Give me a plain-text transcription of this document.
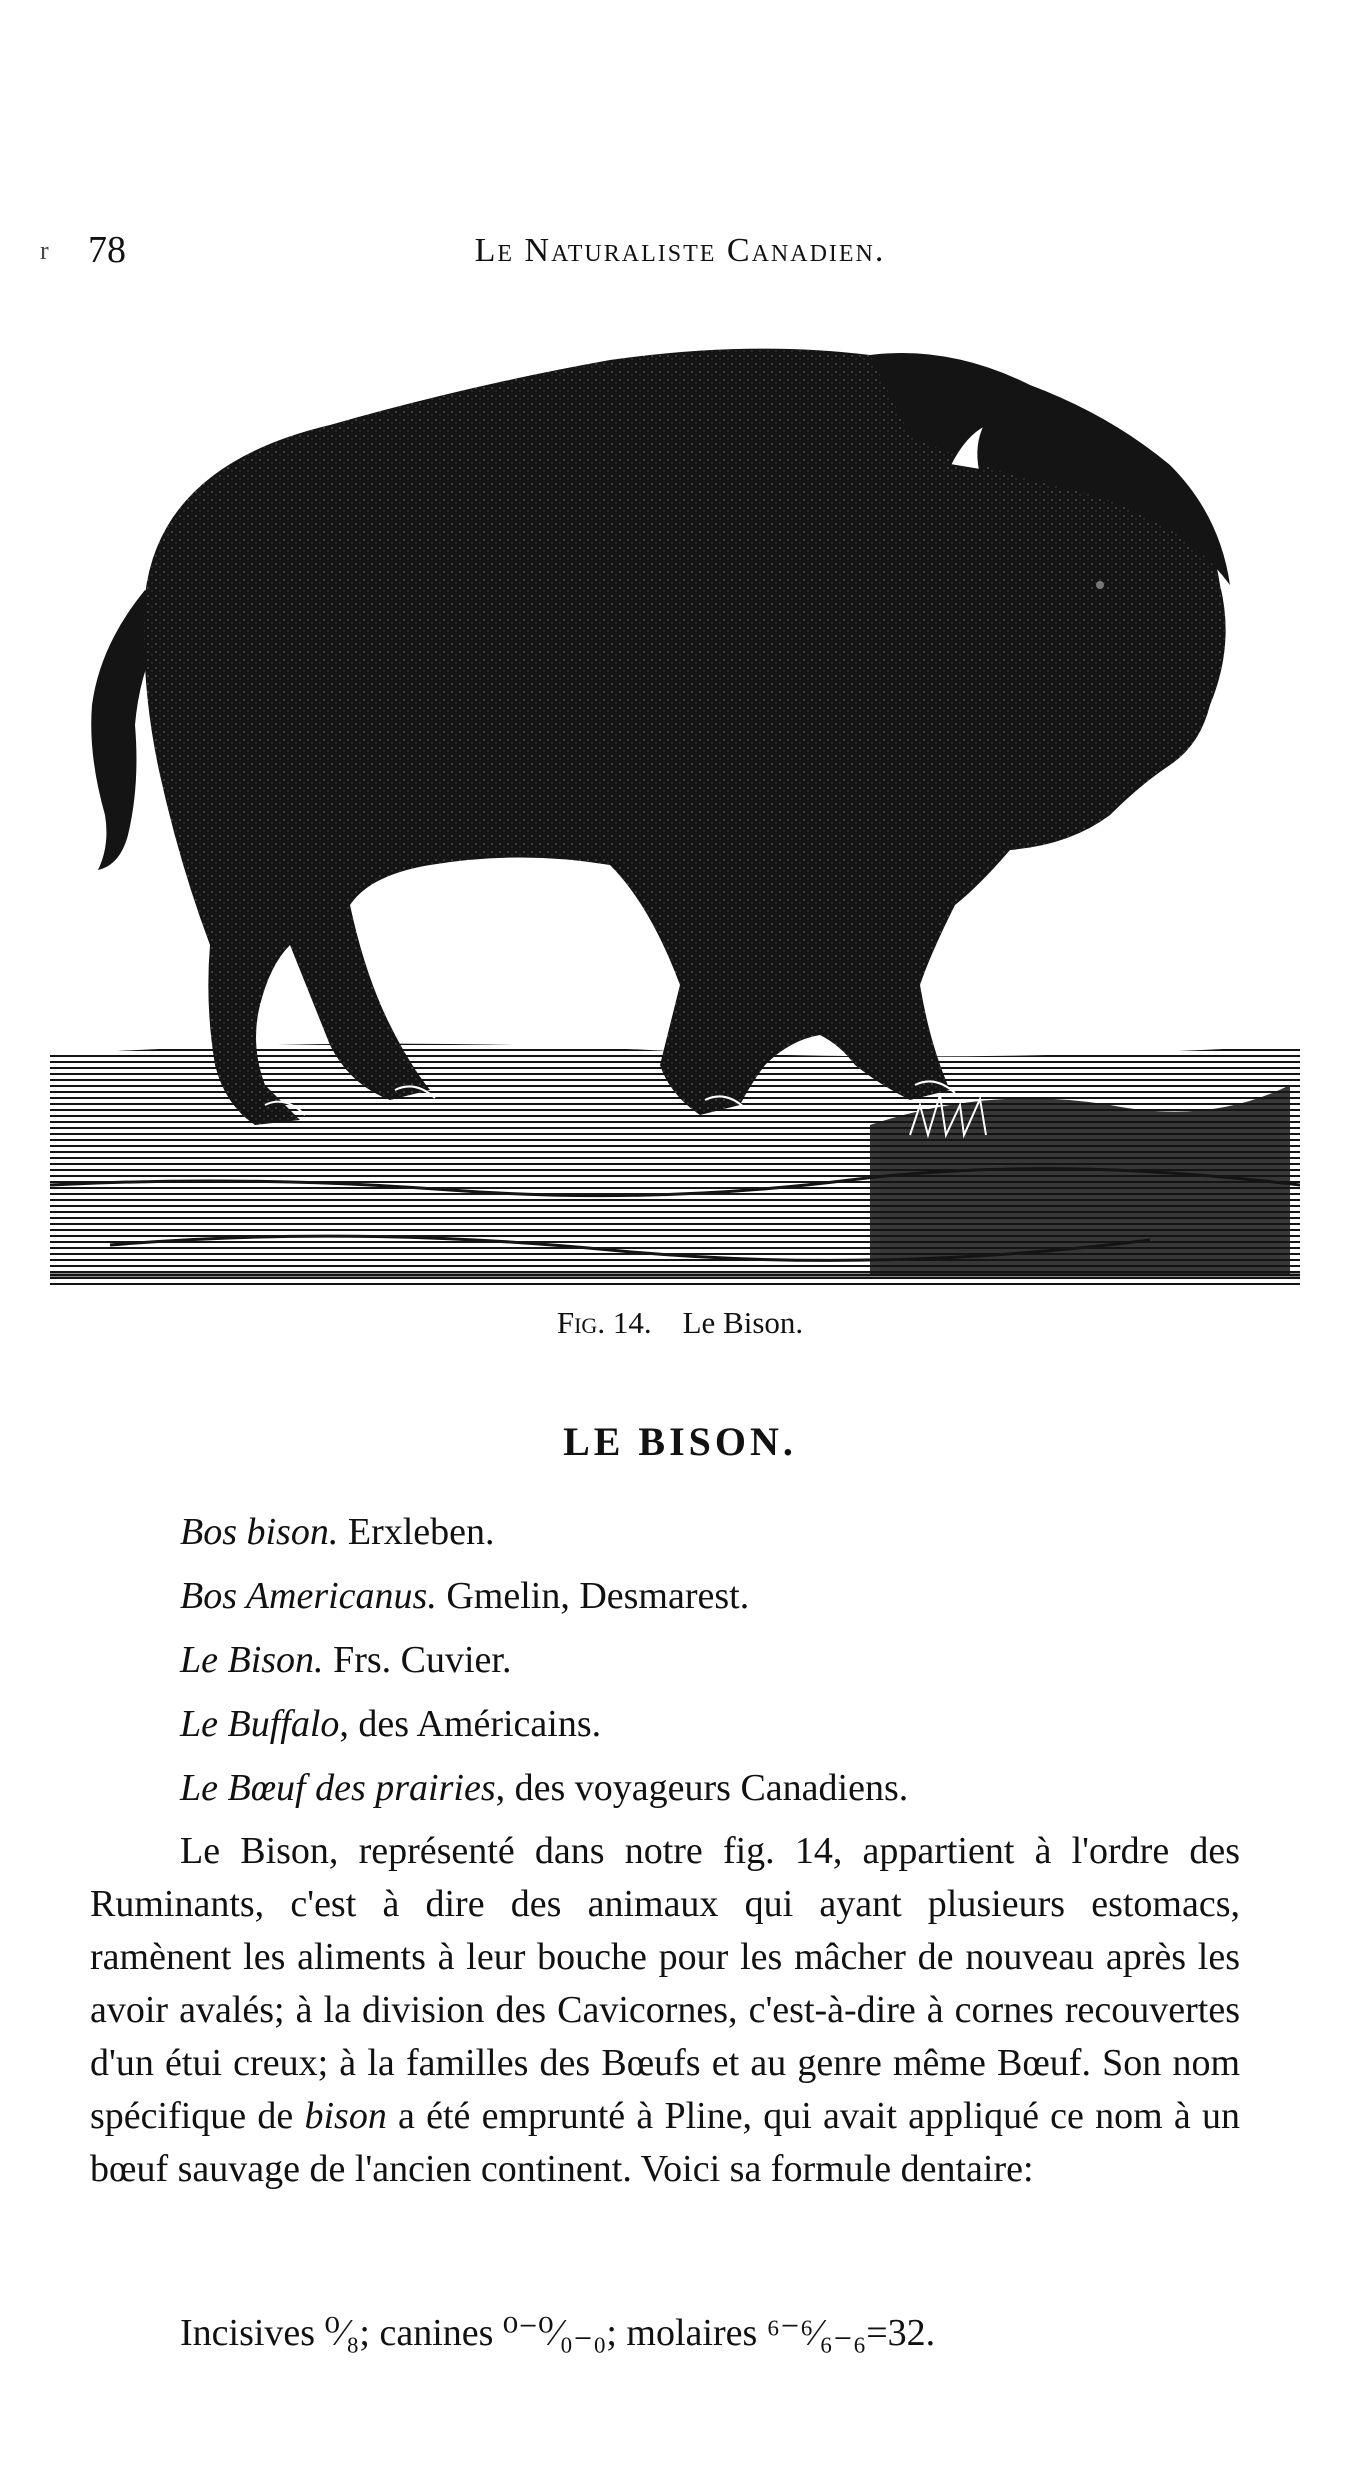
r 78	Le Naturaliste Canadien.
Fig. 14. Le Bison.
LE BISON.
Bos bison. Erxleben.
Bos Americanus. Gmelin, Desmarest.
Le Bison. Frs. Cuvier.
Le Buffalo, des Américains.
Le Bœuf des prairies, des voyageurs Canadiens.
Le Bison, représenté dans notre fig. 14, appartient à l'ordre des Ruminants, c'est à dire des animaux qui ayant plusieurs estomacs, ramènent les aliments à leur bouche pour les mâcher de nouveau après les avoir avalés; à la division des Cavicornes, c'est-à-dire à cornes recouvertes d'un étui creux; à la familles des Bœufs et au genre même Bœuf. Son nom spécifique de bison a été emprunté à Pline, qui avait appliqué ce nom à un bœuf sauvage de l'ancien continent. Voici sa formule dentaire:
Incisives ⁰⁄₈; canines ⁰⁻⁰⁄₀₋₀; molaires ⁶⁻⁶⁄₆₋₆=32.
